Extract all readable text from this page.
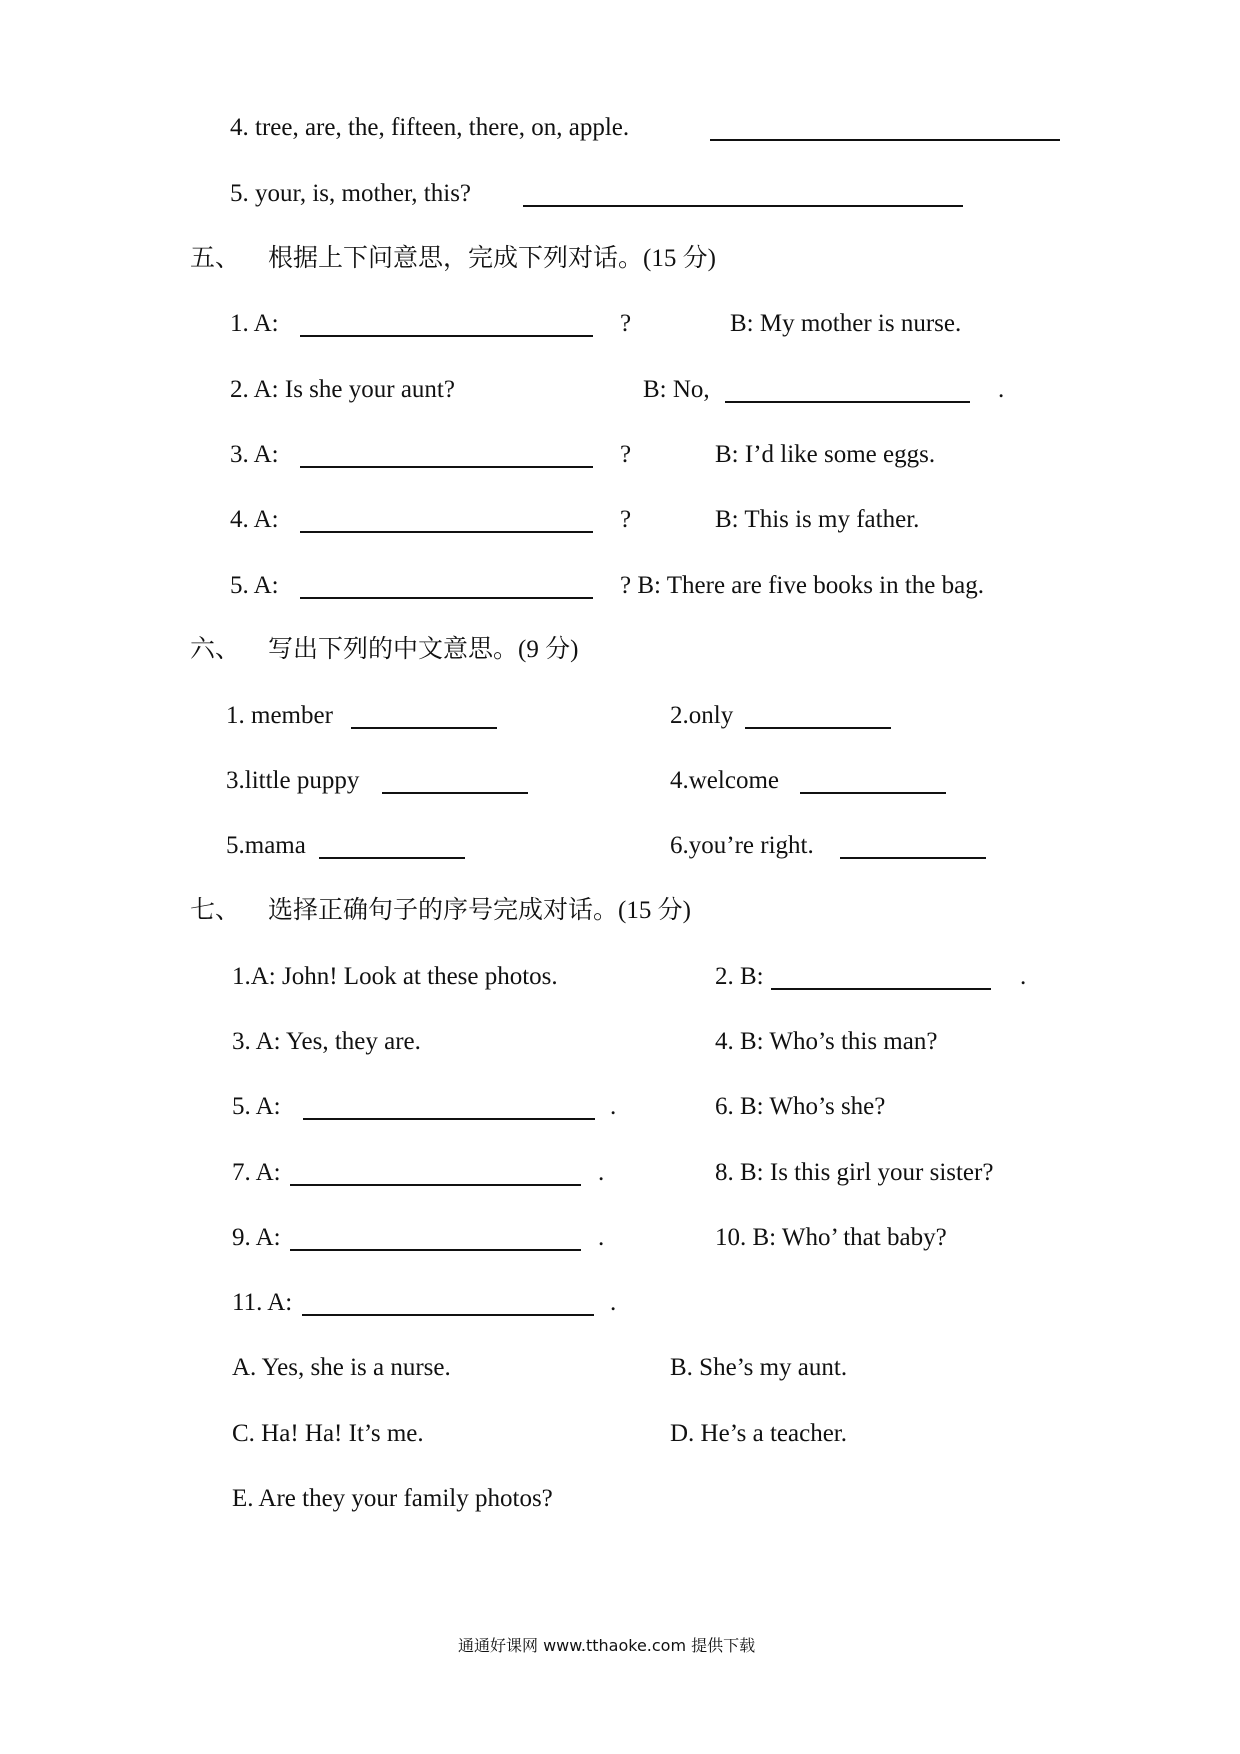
4. tree, are, the, fifteen, there, on, apple.
5. your, is, mother, this?
五、 根据上下问意思，完成下列对话。(15 分)
1. A:	?	B: My mother is nurse.
2. A: Is she your aunt?	B: No,	.
3. A:	?	B: I’d like some eggs.
4. A:	?	B: This is my father.
5. A:	? B: There are five books in the bag.
六、 写出下列的中文意思。(9 分)
1. member	2.only
3.little puppy	4.welcome
5.mama	6.you’re right.
七、 选择正确句子的序号完成对话。(15 分)
1.A: John! Look at these photos.	2. B:	.
3. A: Yes, they are.	4. B: Who’s this man?
5. A:	.	6. B: Who’s she?
7. A:	.	8. B: Is this girl your sister?
9. A:	.	10. B: Who’ that baby?
11. A:	.
A. Yes, she is a nurse.	B. She’s my aunt.
C. Ha! Ha! It’s me.	D. He’s a teacher.
E. Are they your family photos?
通通好课网 www.tthaoke.com 提供下载
